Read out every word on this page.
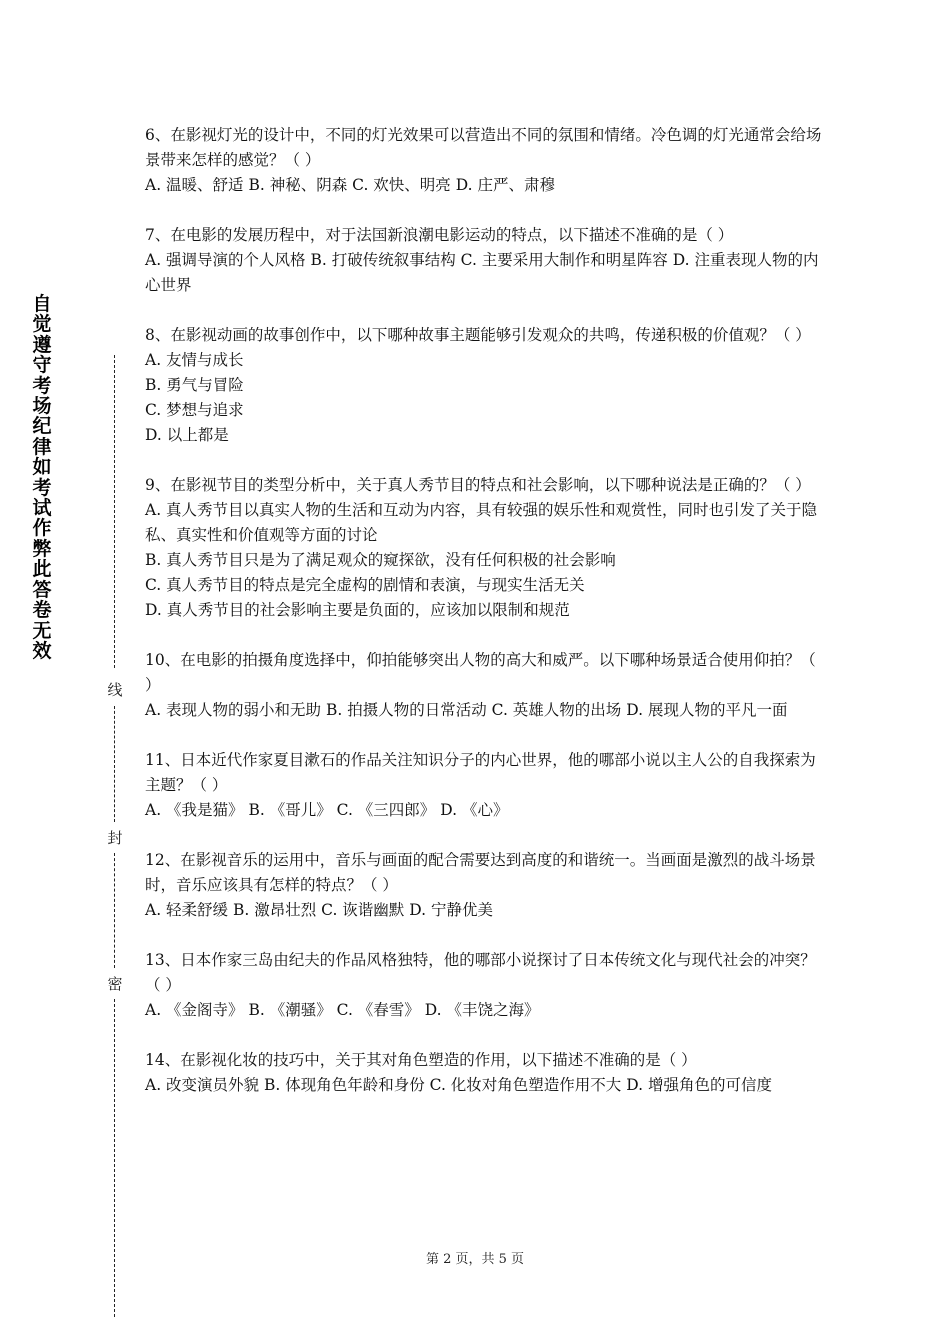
自觉遵守考场纪律如考试作弊此答卷无效
线
封
密

6、在影视灯光的设计中，不同的灯光效果可以营造出不同的氛围和情绪。冷色调的灯光通常会给场景带来怎样的感觉？（ ）

A. 温暖、舒适 B. 神秘、阴森 C. 欢快、明亮 D. 庄严、肃穆

7、在电影的发展历程中，对于法国新浪潮电影运动的特点，以下描述不准确的是（ ）

A. 强调导演的个人风格 B. 打破传统叙事结构 C. 主要采用大制作和明星阵容 D. 注重表现人物的内心世界

8、在影视动画的故事创作中，以下哪种故事主题能够引发观众的共鸣，传递积极的价值观？（ ）

A. 友情与成长

B. 勇气与冒险

C. 梦想与追求

D. 以上都是

9、在影视节目的类型分析中，关于真人秀节目的特点和社会影响，以下哪种说法是正确的？（ ）

A. 真人秀节目以真实人物的生活和互动为内容，具有较强的娱乐性和观赏性，同时也引发了关于隐私、真实性和价值观等方面的讨论

B. 真人秀节目只是为了满足观众的窥探欲，没有任何积极的社会影响

C. 真人秀节目的特点是完全虚构的剧情和表演，与现实生活无关

D. 真人秀节目的社会影响主要是负面的，应该加以限制和规范

10、在电影的拍摄角度选择中，仰拍能够突出人物的高大和威严。以下哪种场景适合使用仰拍？（ ）

A. 表现人物的弱小和无助 B. 拍摄人物的日常活动 C. 英雄人物的出场 D. 展现人物的平凡一面

11、日本近代作家夏目漱石的作品关注知识分子的内心世界，他的哪部小说以主人公的自我探索为主题？（ ）

A. 《我是猫》 B. 《哥儿》 C. 《三四郎》 D. 《心》

12、在影视音乐的运用中，音乐与画面的配合需要达到高度的和谐统一。当画面是激烈的战斗场景时，音乐应该具有怎样的特点？（ ）

A. 轻柔舒缓 B. 激昂壮烈 C. 诙谐幽默 D. 宁静优美

13、日本作家三岛由纪夫的作品风格独特，他的哪部小说探讨了日本传统文化与现代社会的冲突？（ ）

A. 《金阁寺》 B. 《潮骚》 C. 《春雪》 D. 《丰饶之海》

14、在影视化妆的技巧中，关于其对角色塑造的作用，以下描述不准确的是（ ）

A. 改变演员外貌 B. 体现角色年龄和身份 C. 化妆对角色塑造作用不大 D. 增强角色的可信度

第 2 页，共 5 页
